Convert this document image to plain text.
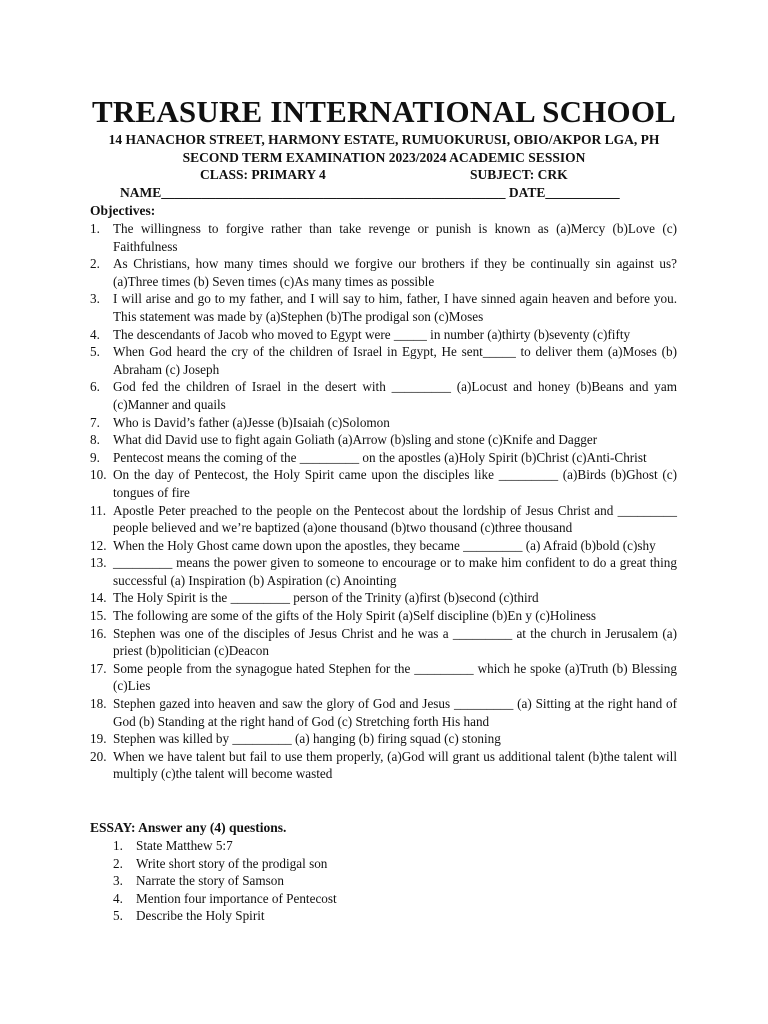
TREASURE INTERNATIONAL SCHOOL
14 HANACHOR STREET, HARMONY ESTATE, RUMUOKURUSI, OBIO/AKPOR LGA, PH
SECOND TERM EXAMINATION 2023/2024 ACADEMIC SESSION
CLASS: PRIMARY 4	SUBJECT: CRK
NAME___________________________________________________ DATE___________
Objectives:
1. The willingness to forgive rather than take revenge or punish is known as (a)Mercy (b)Love (c) Faithfulness
2. As Christians, how many times should we forgive our brothers if they be continually sin against us? (a)Three times (b) Seven times (c)As many times as possible
3. I will arise and go to my father, and I will say to him, father, I have sinned again heaven and before you. This statement was made by (a)Stephen (b)The prodigal son (c)Moses
4. The descendants of Jacob who moved to Egypt were _____ in number (a)thirty (b)seventy (c)fifty
5. When God heard the cry of the children of Israel in Egypt, He sent_____ to deliver them (a)Moses (b) Abraham (c) Joseph
6. God fed the children of Israel in the desert with _________ (a)Locust and honey (b)Beans and yam (c)Manner and quails
7. Who is David’s father (a)Jesse (b)Isaiah (c)Solomon
8. What did David use to fight again Goliath (a)Arrow (b)sling and stone (c)Knife and Dagger
9. Pentecost means the coming of the _________ on the apostles (a)Holy Spirit (b)Christ (c)Anti-Christ
10. On the day of Pentecost, the Holy Spirit came upon the disciples like _________ (a)Birds (b)Ghost (c) tongues of fire
11. Apostle Peter preached to the people on the Pentecost about the lordship of Jesus Christ and _________ people believed and we’re baptized (a)one thousand (b)two thousand (c)three thousand
12. When the Holy Ghost came down upon the apostles, they became _________ (a) Afraid (b)bold (c)shy
13. _________ means the power given to someone to encourage or to make him confident to do a great thing successful (a) Inspiration (b) Aspiration (c) Anointing
14. The Holy Spirit is the _________ person of the Trinity (a)first (b)second (c)third
15. The following are some of the gifts of the Holy Spirit (a)Self discipline (b)En y (c)Holiness
16. Stephen was one of the disciples of Jesus Christ and he was a _________ at the church in Jerusalem (a) priest (b)politician (c)Deacon
17. Some people from the synagogue hated Stephen for the _________ which he spoke (a)Truth (b) Blessing (c)Lies
18. Stephen gazed into heaven and saw the glory of God and Jesus _________ (a) Sitting at the right hand of God (b) Standing at the right hand of God (c) Stretching forth His hand
19. Stephen was killed by _________ (a) hanging (b) firing squad (c) stoning
20. When we have talent but fail to use them properly, (a)God will grant us additional talent (b)the talent will multiply (c)the talent will become wasted
ESSAY: Answer any (4) questions.
1. State Matthew 5:7
2. Write short story of the prodigal son
3. Narrate the story of Samson
4. Mention four importance of Pentecost
5. Describe the Holy Spirit
